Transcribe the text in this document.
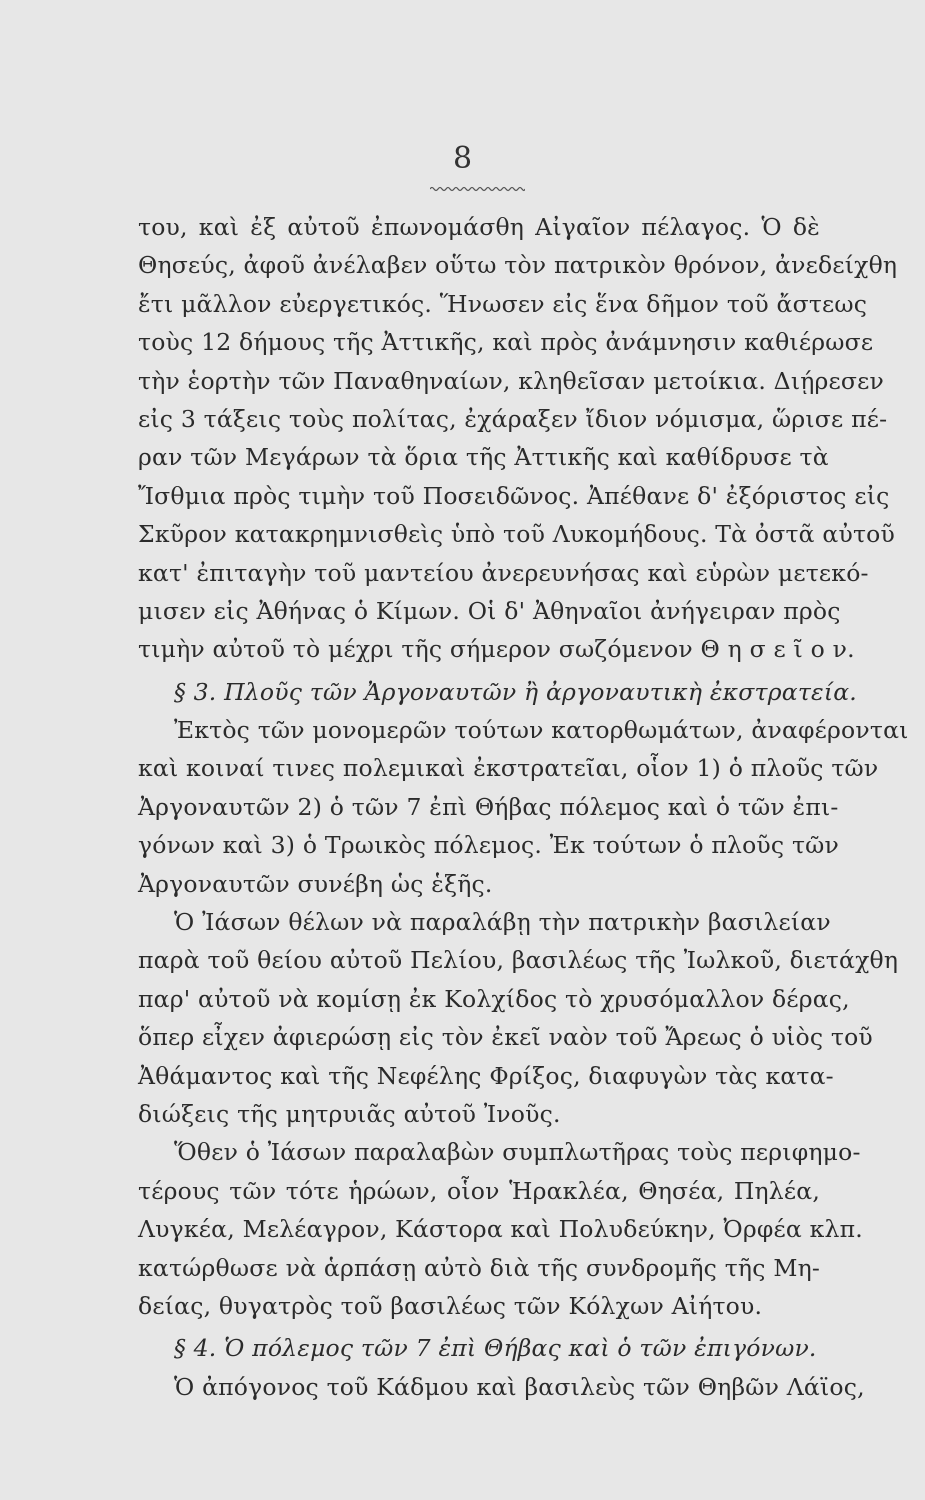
8
του, καὶ ἐξ αὐτοῦ ἐπωνομάσθη Αἰγαῖον πέλαγος. Ὁ δὲ
Θησεύς, ἀφοῦ ἀνέλαβεν οὕτω τὸν πατρικὸν θρόνον, ἀνεδείχθη
ἔτι μᾶλλον εὐεργετικός. Ἥνωσεν εἰς ἕνα δῆμον τοῦ ἄστεως
τοὺς 12 δήμους τῆς Ἀττικῆς, καὶ πρὸς ἀνάμνησιν καθιέρωσε
τὴν ἑορτὴν τῶν Παναθηναίων, κληθεῖσαν μετοίκια. Διῄρεσεν
εἰς 3 τάξεις τοὺς πολίτας, ἐχάραξεν ἴδιον νόμισμα, ὥρισε πέ-
ραν τῶν Μεγάρων τὰ ὅρια τῆς Ἀττικῆς καὶ καθίδρυσε τὰ
Ἴσθμια πρὸς τιμὴν τοῦ Ποσειδῶνος. Ἀπέθανε δ' ἐξόριστος εἰς
Σκῦρον κατακρημνισθεὶς ὑπὸ τοῦ Λυκομήδους. Τὰ ὀστᾶ αὐτοῦ
κατ' ἐπιταγὴν τοῦ μαντείου ἀνερευνήσας καὶ εὑρὼν μετεκό-
μισεν εἰς Ἀθήνας ὁ Κίμων. Οἱ δ' Ἀθηναῖοι ἀνήγειραν πρὸς
τιμὴν αὐτοῦ τὸ μέχρι τῆς σήμερον σωζόμενον Θ η σ ε ῖ ο ν.
§ 3. Πλοῦς τῶν Ἀργοναυτῶν ἢ ἀργοναυτικὴ ἐκστρατεία.
Ἐκτὸς τῶν μονομερῶν τούτων κατορθωμάτων, ἀναφέρονται
καὶ κοιναί τινες πολεμικαὶ ἐκστρατεῖαι, οἷον 1) ὁ πλοῦς τῶν
Ἀργοναυτῶν 2) ὁ τῶν 7 ἐπὶ Θήβας πόλεμος καὶ ὁ τῶν ἐπι-
γόνων καὶ 3) ὁ Τρωικὸς πόλεμος. Ἐκ τούτων ὁ πλοῦς τῶν
Ἀργοναυτῶν συνέβη ὡς ἑξῆς.
Ὁ Ἰάσων θέλων νὰ παραλάβῃ τὴν πατρικὴν βασιλείαν
παρὰ τοῦ θείου αὐτοῦ Πελίου, βασιλέως τῆς Ἰωλκοῦ, διετάχθη
παρ' αὐτοῦ νὰ κομίσῃ ἐκ Κολχίδος τὸ χρυσόμαλλον δέρας,
ὅπερ εἶχεν ἀφιερώσῃ εἰς τὸν ἐκεῖ ναὸν τοῦ Ἄρεως ὁ υἱὸς τοῦ
Ἀθάμαντος καὶ τῆς Νεφέλης Φρίξος, διαφυγὼν τὰς κατα-
διώξεις τῆς μητρυιᾶς αὐτοῦ Ἰνοῦς.
Ὅθεν ὁ Ἰάσων παραλαβὼν συμπλωτῆρας τοὺς περιφημο-
τέρους τῶν τότε ἡρώων, οἷον Ἡρακλέα, Θησέα, Πηλέα,
Λυγκέα, Μελέαγρον, Κάστορα καὶ Πολυδεύκην, Ὀρφέα κλπ.
κατώρθωσε νὰ ἁρπάσῃ αὐτὸ διὰ τῆς συνδρομῆς τῆς Μη-
δείας, θυγατρὸς τοῦ βασιλέως τῶν Κόλχων Αἰήτου.
§ 4. Ὁ πόλεμος τῶν 7 ἐπὶ Θήβας καὶ ὁ τῶν ἐπιγόνων.
Ὁ ἀπόγονος τοῦ Κάδμου καὶ βασιλεὺς τῶν Θηβῶν Λάϊος,
